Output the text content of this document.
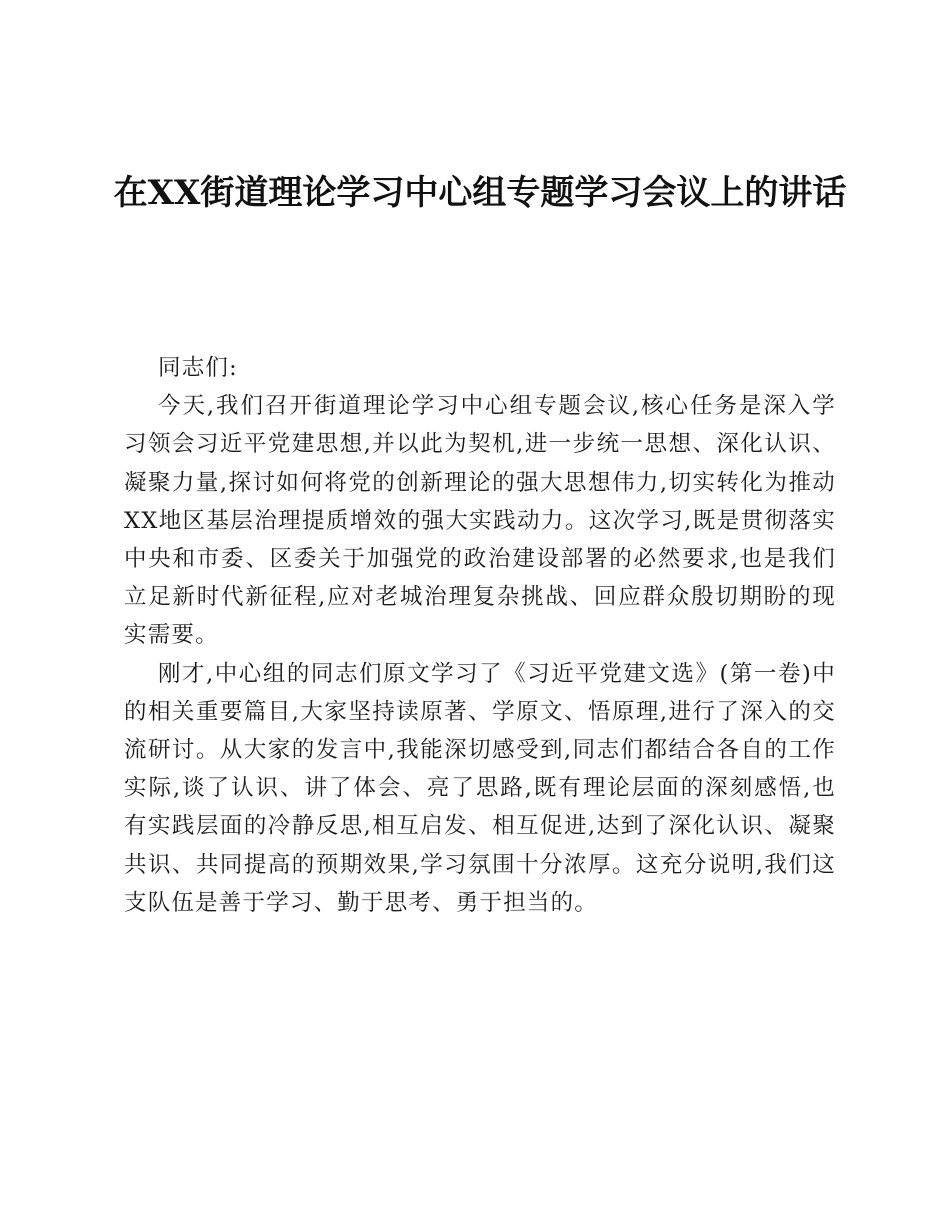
在XX街道理论学习中心组专题学习会议上的讲话

同志们:

今天,我们召开街道理论学习中心组专题会议,核心任务是深入学习领会习近平党建思想,并以此为契机,进一步统一思想、深化认识、凝聚力量,探讨如何将党的创新理论的强大思想伟力,切实转化为推动XX地区基层治理提质增效的强大实践动力。这次学习,既是贯彻落实中央和市委、区委关于加强党的政治建设部署的必然要求,也是我们立足新时代新征程,应对老城治理复杂挑战、回应群众殷切期盼的现实需要。

刚才,中心组的同志们原文学习了《习近平党建文选》(第一卷)中的相关重要篇目,大家坚持读原著、学原文、悟原理,进行了深入的交流研讨。从大家的发言中,我能深切感受到,同志们都结合各自的工作实际,谈了认识、讲了体会、亮了思路,既有理论层面的深刻感悟,也有实践层面的冷静反思,相互启发、相互促进,达到了深化认识、凝聚共识、共同提高的预期效果,学习氛围十分浓厚。这充分说明,我们这支队伍是善于学习、勤于思考、勇于担当的。
